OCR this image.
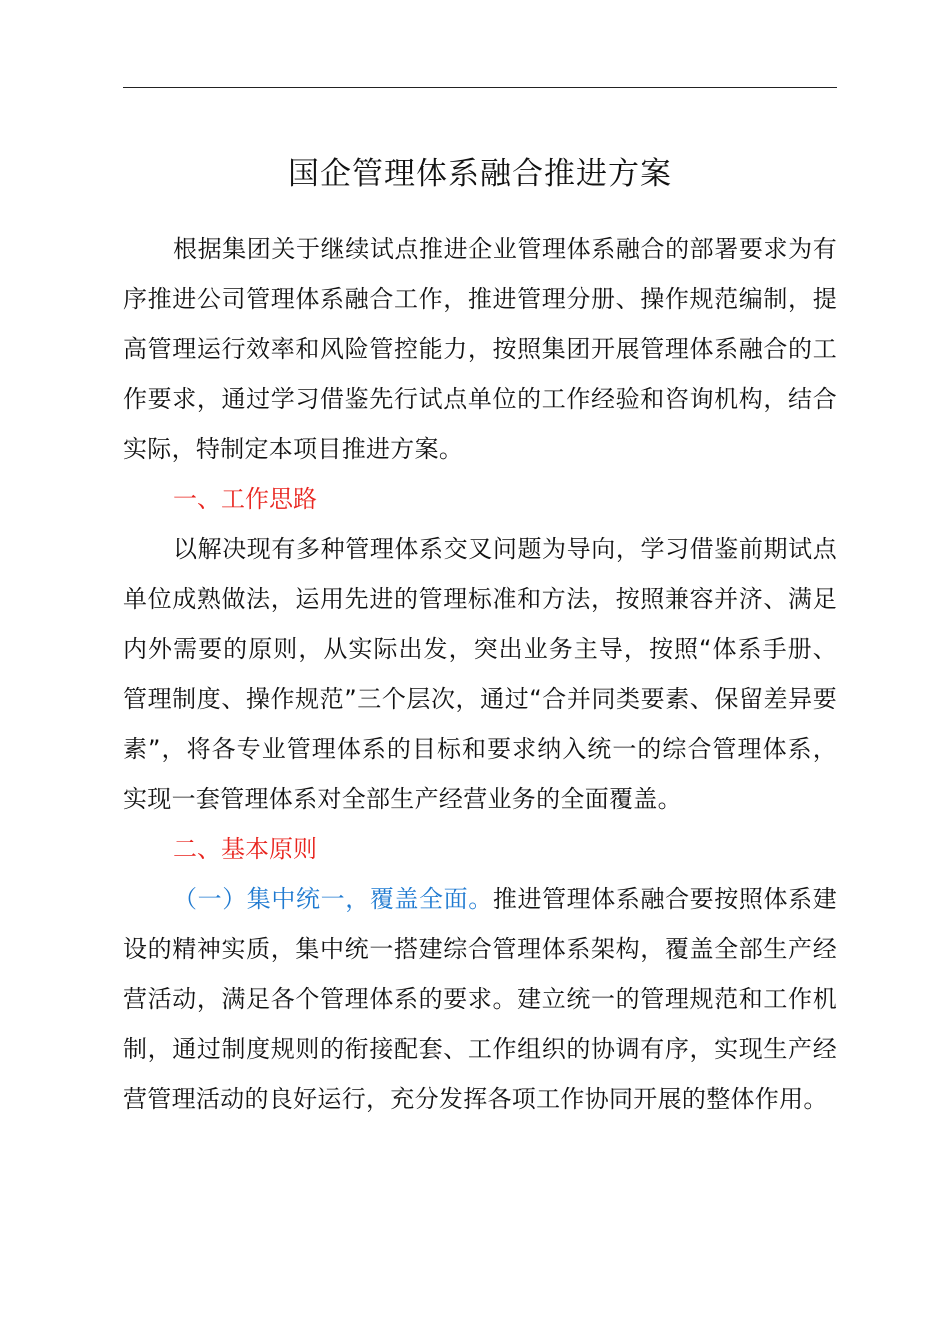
国企管理体系融合推进方案

根据集团关于继续试点推进企业管理体系融合的部署要求为有序推进公司管理体系融合工作，推进管理分册、操作规范编制，提高管理运行效率和风险管控能力，按照集团开展管理体系融合的工作要求，通过学习借鉴先行试点单位的工作经验和咨询机构，结合实际，特制定本项目推进方案。

一、工作思路

以解决现有多种管理体系交叉问题为导向，学习借鉴前期试点单位成熟做法，运用先进的管理标准和方法，按照兼容并济、满足内外需要的原则，从实际出发，突出业务主导，按照“体系手册、管理制度、操作规范”三个层次，通过“合并同类要素、保留差异要素”，将各专业管理体系的目标和要求纳入统一的综合管理体系，实现一套管理体系对全部生产经营业务的全面覆盖。

二、基本原则

（一）集中统一，覆盖全面。推进管理体系融合要按照体系建设的精神实质，集中统一搭建综合管理体系架构，覆盖全部生产经营活动，满足各个管理体系的要求。建立统一的管理规范和工作机制，通过制度规则的衔接配套、工作组织的协调有序，实现生产经营管理活动的良好运行，充分发挥各项工作协同开展的整体作用。
